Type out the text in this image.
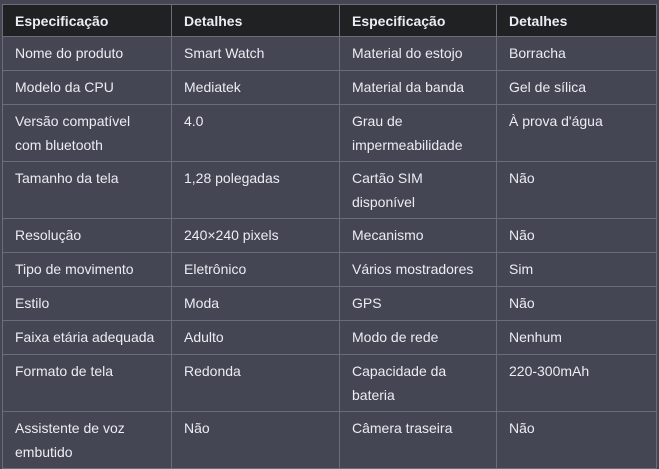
Especificação	Detalhes	Especificação	Detalhes
Nome do produto	Smart Watch	Material do estojo	Borracha
Modelo da CPU	Mediatek	Material da banda	Gel de sílica
Versão compatível com bluetooth	4.0	Grau de impermeabilidade	À prova d'água
Tamanho da tela	1,28 polegadas	Cartão SIM disponível	Não
Resolução	240×240 pixels	Mecanismo	Não
Tipo de movimento	Eletrônico	Vários mostradores	Sim
Estilo	Moda	GPS	Não
Faixa etária adequada	Adulto	Modo de rede	Nenhum
Formato de tela	Redonda	Capacidade da bateria	220-300mAh
Assistente de voz embutido	Não	Câmera traseira	Não
